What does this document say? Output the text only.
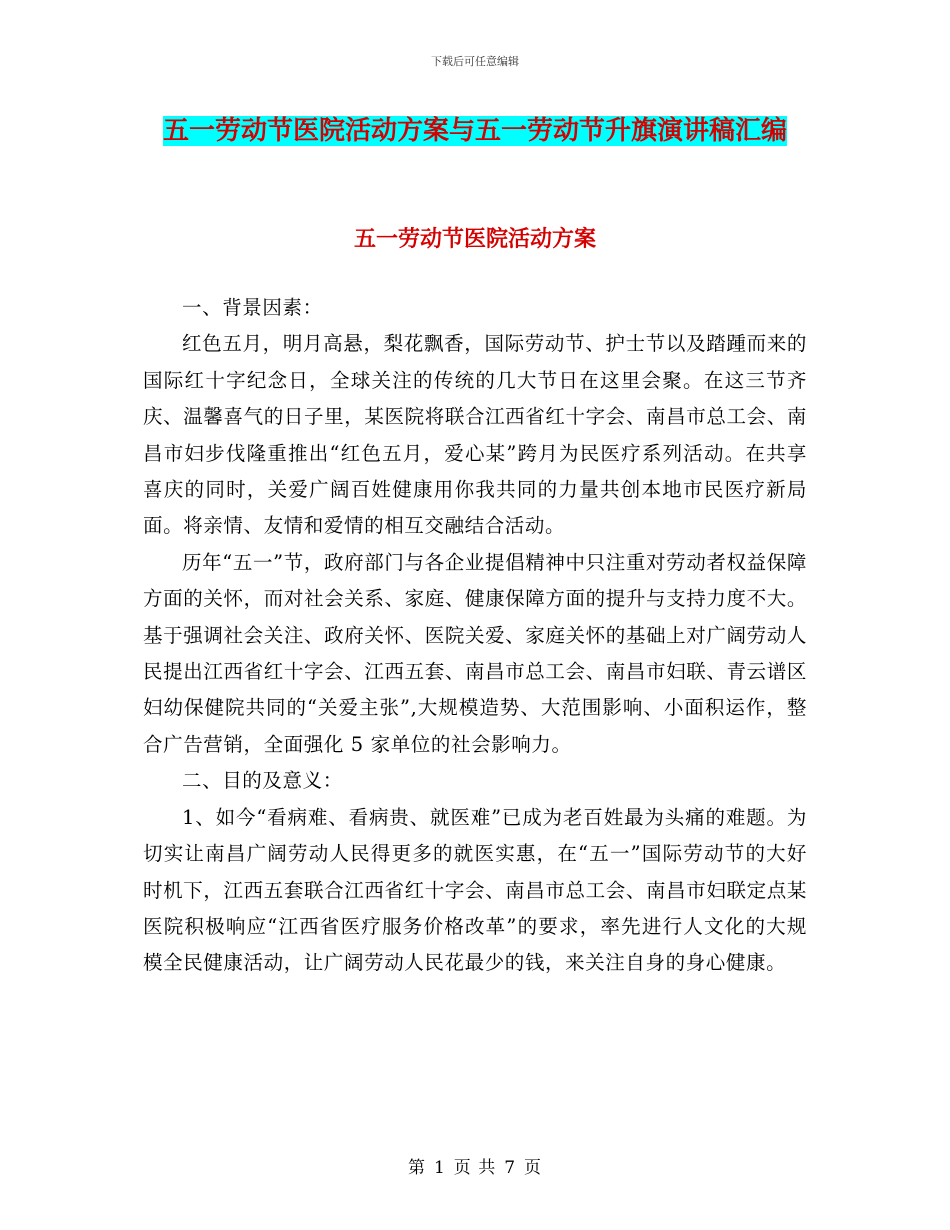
下载后可任意编辑
五一劳动节医院活动方案与五一劳动节升旗演讲稿汇编
五一劳动节医院活动方案

一、背景因素：

红色五月，明月高悬，梨花飘香，国际劳动节、护士节以及踏踵而来的国际红十字纪念日，全球关注的传统的几大节日在这里会聚。在这三节齐庆、温馨喜气的日子里，某医院将联合江西省红十字会、南昌市总工会、南昌市妇步伐隆重推出“红色五月，爱心某”跨月为民医疗系列活动。在共享喜庆的同时，关爱广阔百姓健康用你我共同的力量共创本地市民医疗新局面。将亲情、友情和爱情的相互交融结合活动。

历年“五一”节，政府部门与各企业提倡精神中只注重对劳动者权益保障方面的关怀，而对社会关系、家庭、健康保障方面的提升与支持力度不大。基于强调社会关注、政府关怀、医院关爱、家庭关怀的基础上对广阔劳动人民提出江西省红十字会、江西五套、南昌市总工会、南昌市妇联、青云谱区妇幼保健院共同的“关爱主张”,大规模造势、大范围影响、小面积运作，整合广告营销，全面强化 5 家单位的社会影响力。

二、目的及意义：

1、如今“看病难、看病贵、就医难”已成为老百姓最为头痛的难题。为切实让南昌广阔劳动人民得更多的就医实惠，在“五一”国际劳动节的大好时机下，江西五套联合江西省红十字会、南昌市总工会、南昌市妇联定点某医院积极响应“江西省医疗服务价格改革”的要求，率先进行人文化的大规模全民健康活动，让广阔劳动人民花最少的钱，来关注自身的身心健康。

第 1 页 共 7 页
